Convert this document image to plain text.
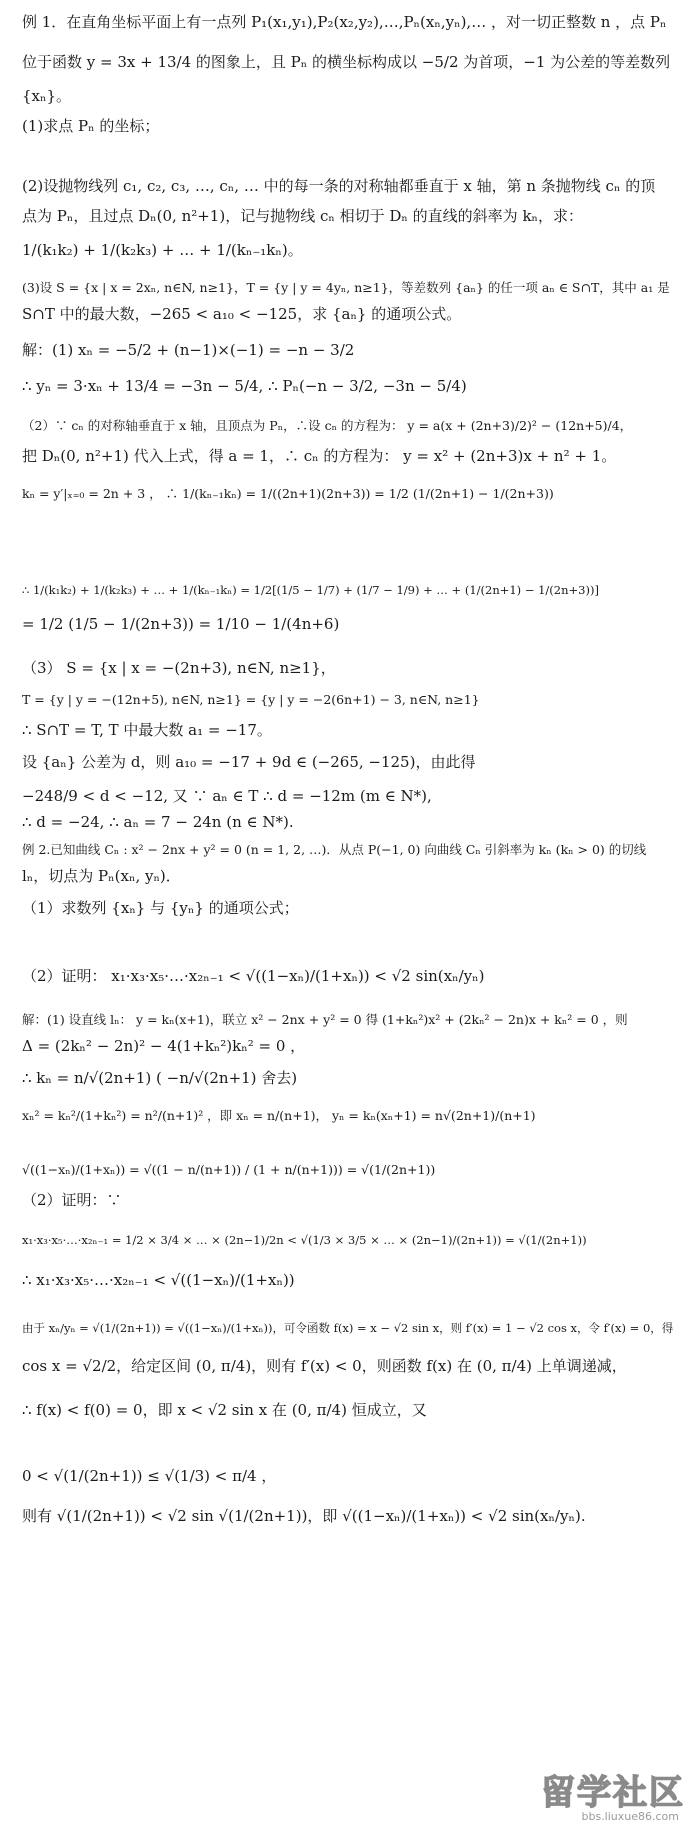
例 1．在直角坐标平面上有一点列 P₁(x₁,y₁),P₂(x₂,y₂),…,Pₙ(xₙ,yₙ),… ，对一切正整数 n ，点 Pₙ
位于函数 y = 3x + 13/4 的图象上，且 Pₙ 的横坐标构成以 −5/2 为首项，−1 为公差的等差数列
{xₙ}。
(1)求点 Pₙ 的坐标；
(2)设抛物线列 c₁, c₂, c₃, …, cₙ, … 中的每一条的对称轴都垂直于 x 轴，第 n 条抛物线 cₙ 的顶
点为 Pₙ，且过点 Dₙ(0, n²+1)，记与抛物线 cₙ 相切于 Dₙ 的直线的斜率为 kₙ，求：
1/(k₁k₂) + 1/(k₂k₃) + … + 1/(kₙ₋₁kₙ)。
(3)设 S = {x | x = 2xₙ, n∈N, n≥1}，T = {y | y = 4yₙ, n≥1}，等差数列 {aₙ} 的任一项 aₙ ∈ S∩T，其中 a₁ 是
S∩T 中的最大数，−265 < a₁₀ < −125，求 {aₙ} 的通项公式。
解：(1) xₙ = −5/2 + (n−1)×(−1) = −n − 3/2
∴ yₙ = 3·xₙ + 13/4 = −3n − 5/4, ∴ Pₙ(−n − 3/2, −3n − 5/4)
（2）∵ cₙ 的对称轴垂直于 x 轴，且顶点为 Pₙ，∴设 cₙ 的方程为： y = a(x + (2n+3)/2)² − (12n+5)/4，
把 Dₙ(0, n²+1) 代入上式，得 a = 1，∴ cₙ 的方程为： y = x² + (2n+3)x + n² + 1。
kₙ = y′|ₓ₌₀ = 2n + 3 ， ∴ 1/(kₙ₋₁kₙ) = 1/((2n+1)(2n+3)) = 1/2 (1/(2n+1) − 1/(2n+3))
∴ 1/(k₁k₂) + 1/(k₂k₃) + … + 1/(kₙ₋₁kₙ) = 1/2[(1/5 − 1/7) + (1/7 − 1/9) + … + (1/(2n+1) − 1/(2n+3))]
= 1/2 (1/5 − 1/(2n+3)) = 1/10 − 1/(4n+6)
（3） S = {x | x = −(2n+3), n∈N, n≥1}，
T = {y | y = −(12n+5), n∈N, n≥1} = {y | y = −2(6n+1) − 3, n∈N, n≥1}
∴ S∩T = T, T 中最大数 a₁ = −17。
设 {aₙ} 公差为 d，则 a₁₀ = −17 + 9d ∈ (−265, −125)，由此得
−248/9 < d < −12, 又 ∵ aₙ ∈ T ∴ d = −12m (m ∈ N*),
∴ d = −24, ∴ aₙ = 7 − 24n (n ∈ N*).
例 2.已知曲线 Cₙ : x² − 2nx + y² = 0 (n = 1, 2, …)．从点 P(−1, 0) 向曲线 Cₙ 引斜率为 kₙ (kₙ > 0) 的切线
lₙ，切点为 Pₙ(xₙ, yₙ)．
（1）求数列 {xₙ} 与 {yₙ} 的通项公式；
（2）证明： x₁·x₃·x₅·…·x₂ₙ₋₁ < √((1−xₙ)/(1+xₙ)) < √2 sin(xₙ/yₙ)
解：(1) 设直线 lₙ： y = kₙ(x+1)，联立 x² − 2nx + y² = 0 得 (1+kₙ²)x² + (2kₙ² − 2n)x + kₙ² = 0 ，则
Δ = (2kₙ² − 2n)² − 4(1+kₙ²)kₙ² = 0 ，
∴ kₙ = n/√(2n+1) ( −n/√(2n+1) 舍去)
xₙ² = kₙ²/(1+kₙ²) = n²/(n+1)² ，即 xₙ = n/(n+1)， yₙ = kₙ(xₙ+1) = n√(2n+1)/(n+1)
√((1−xₙ)/(1+xₙ)) = √((1 − n/(n+1)) / (1 + n/(n+1))) = √(1/(2n+1))
（2）证明：∵
x₁·x₃·x₅·…·x₂ₙ₋₁ = 1/2 × 3/4 × … × (2n−1)/2n < √(1/3 × 3/5 × … × (2n−1)/(2n+1)) = √(1/(2n+1))
∴ x₁·x₃·x₅·…·x₂ₙ₋₁ < √((1−xₙ)/(1+xₙ))
由于 xₙ/yₙ = √(1/(2n+1)) = √((1−xₙ)/(1+xₙ))，可令函数 f(x) = x − √2 sin x，则 f′(x) = 1 − √2 cos x，令 f′(x) = 0，得
cos x = √2/2，给定区间 (0, π/4)，则有 f′(x) < 0，则函数 f(x) 在 (0, π/4) 上单调递减，
∴ f(x) < f(0) = 0，即 x < √2 sin x 在 (0, π/4) 恒成立，又
0 < √(1/(2n+1)) ≤ √(1/3) < π/4 ，
则有 √(1/(2n+1)) < √2 sin √(1/(2n+1))，即 √((1−xₙ)/(1+xₙ)) < √2 sin(xₙ/yₙ).
留学社区
bbs.liuxue86.com
